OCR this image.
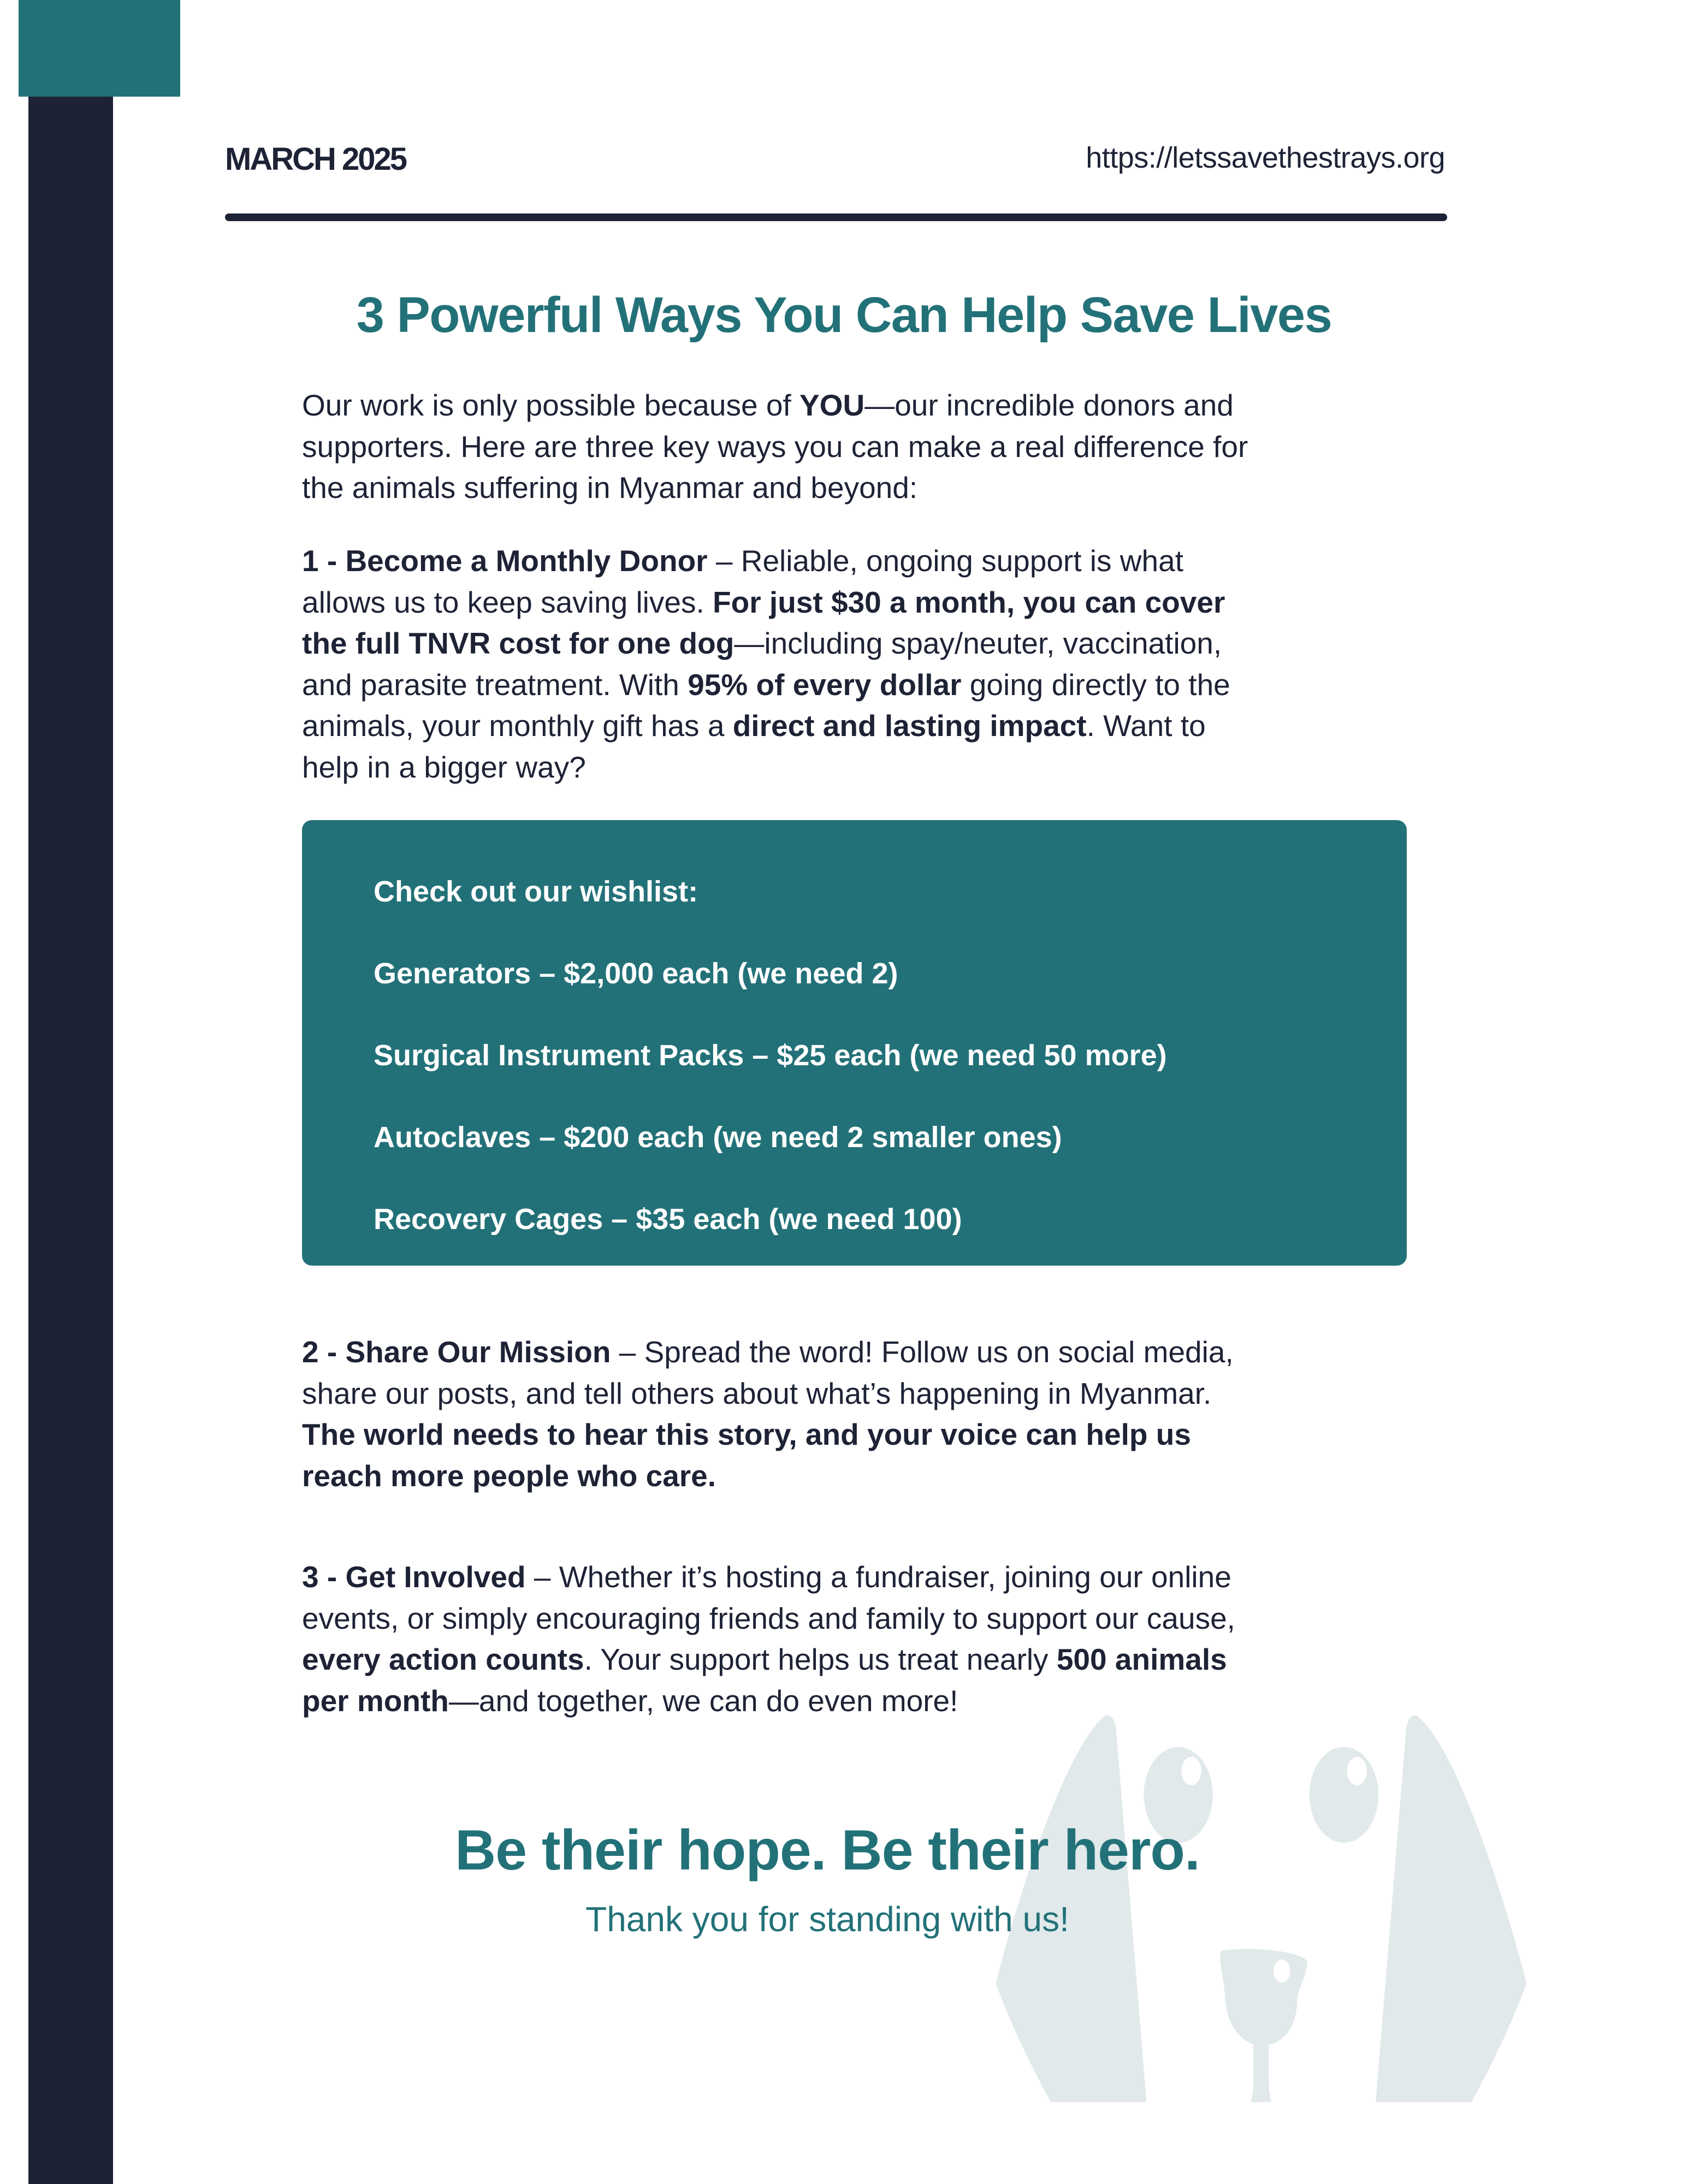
MARCH 2025	https://letssavethestrays.org
3 Powerful Ways You Can Help Save Lives
Our work is only possible because of YOU—our incredible donors and
supporters. Here are three key ways you can make a real difference for
the animals suffering in Myanmar and beyond:
1 - Become a Monthly Donor – Reliable, ongoing support is what
allows us to keep saving lives. For just $30 a month, you can cover
the full TNVR cost for one dog—including spay/neuter, vaccination,
and parasite treatment. With 95% of every dollar going directly to the
animals, your monthly gift has a direct and lasting impact. Want to
help in a bigger way?
Check out our wishlist:
Generators – $2,000 each (we need 2)
Surgical Instrument Packs – $25 each (we need 50 more)
Autoclaves – $200 each (we need 2 smaller ones)
Recovery Cages – $35 each (we need 100)
2 - Share Our Mission – Spread the word! Follow us on social media,
share our posts, and tell others about what’s happening in Myanmar.
The world needs to hear this story, and your voice can help us
reach more people who care.
3 - Get Involved – Whether it’s hosting a fundraiser, joining our online
events, or simply encouraging friends and family to support our cause,
every action counts. Your support helps us treat nearly 500 animals
per month—and together, we can do even more!
Be their hope. Be their hero.
Thank you for standing with us!
